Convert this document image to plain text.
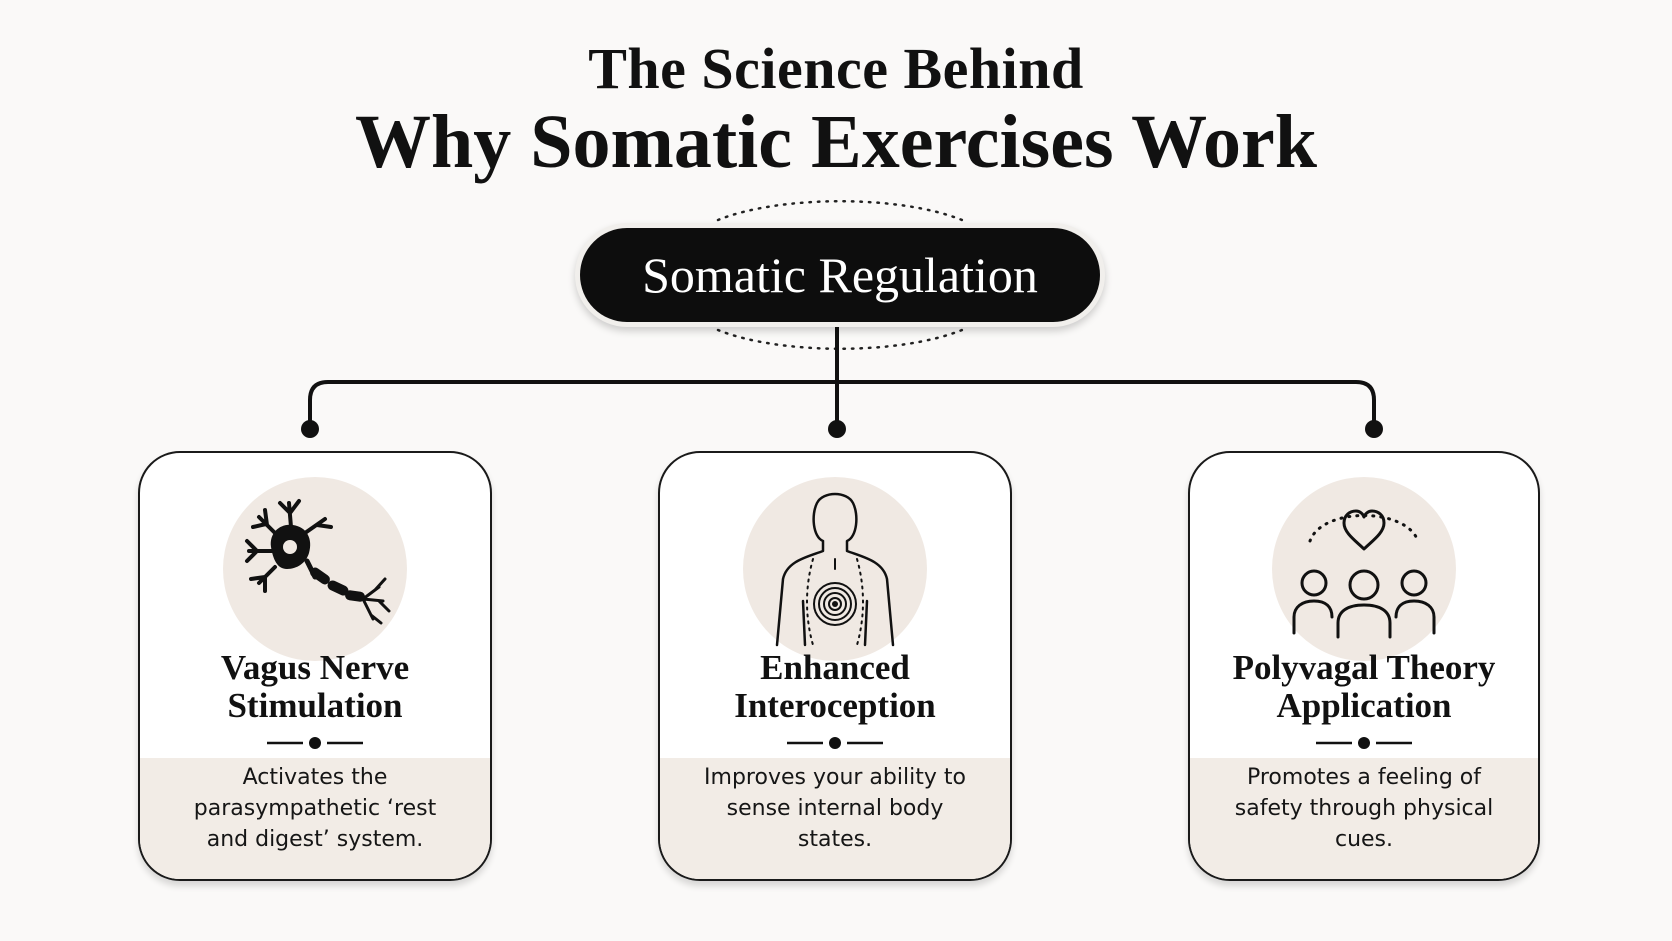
The Science Behind
Why Somatic Exercises Work
Somatic Regulation
Vagus Nerve
Stimulation

Activates the parasympathetic ‘rest and digest’ system.

Enhanced
Interoception

Improves your ability to sense internal body states.

Polyvagal Theory
Application

Promotes a feeling of safety through physical cues.
